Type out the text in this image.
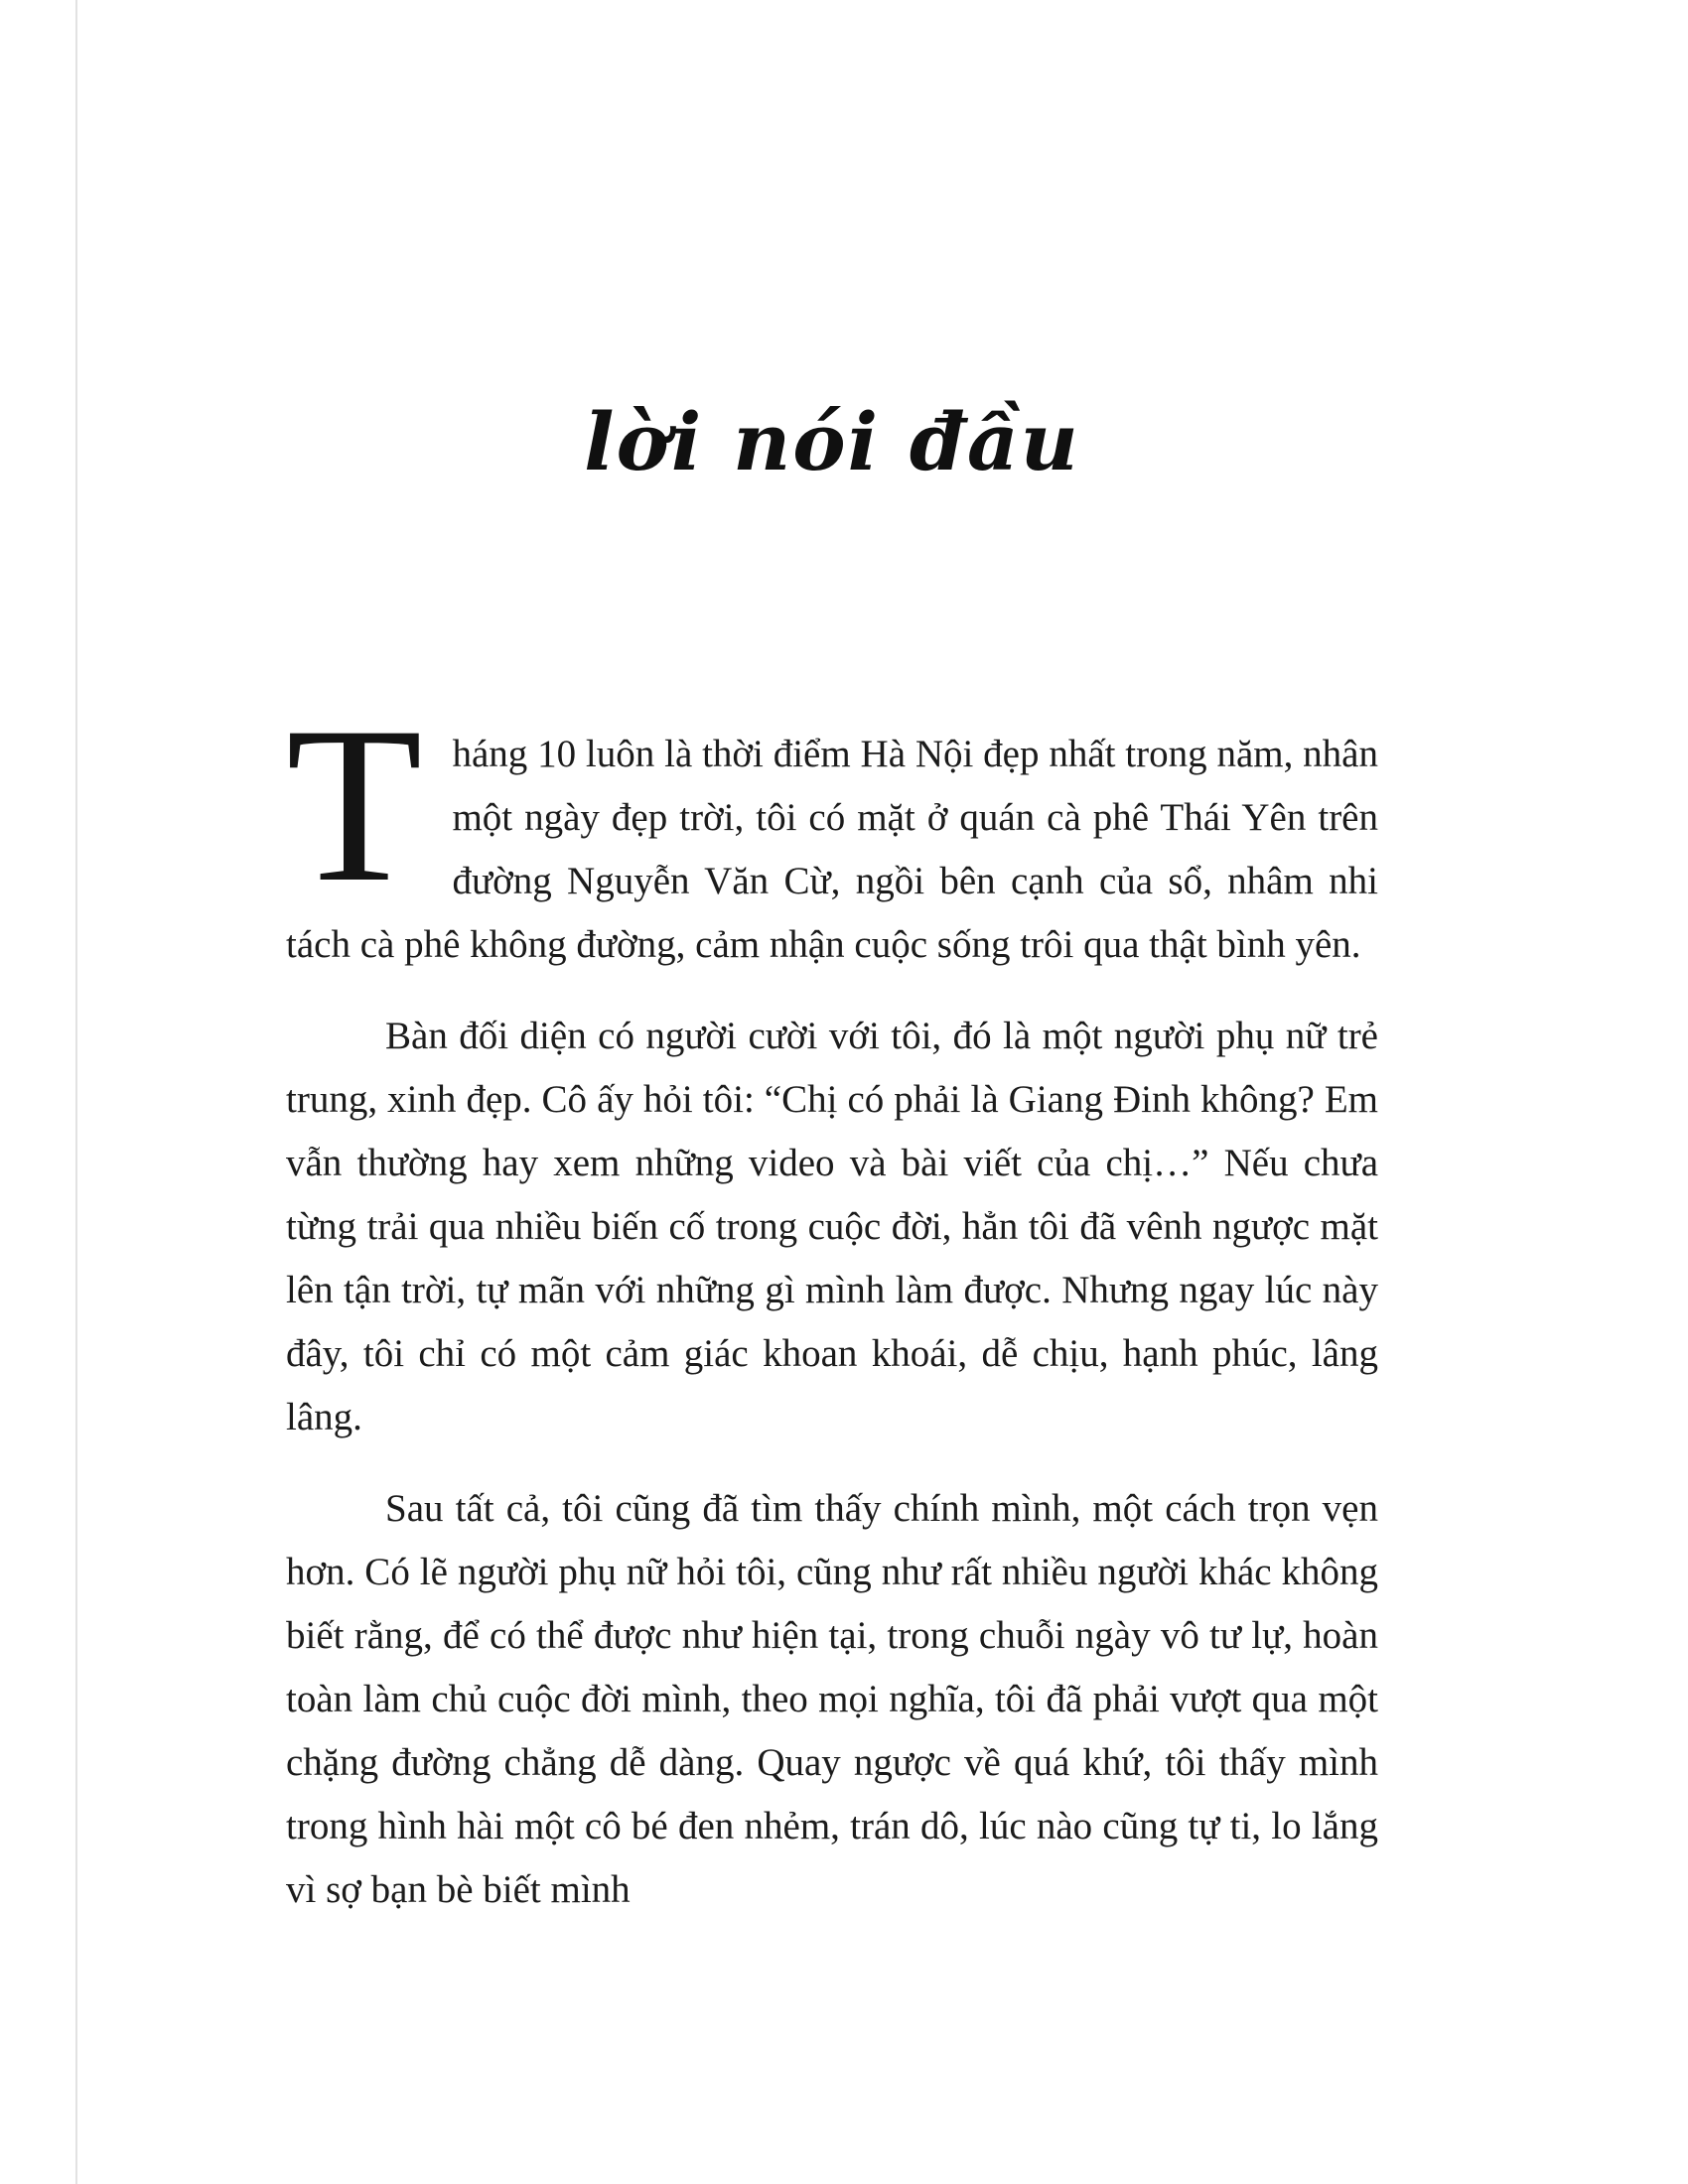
lời nói đầu

Tháng 10 luôn là thời điểm Hà Nội đẹp nhất trong năm, nhân một ngày đẹp trời, tôi có mặt ở quán cà phê Thái Yên trên đường Nguyễn Văn Cừ, ngồi bên cạnh của sổ, nhâm nhi tách cà phê không đường, cảm nhận cuộc sống trôi qua thật bình yên.

Bàn đối diện có người cười với tôi, đó là một người phụ nữ trẻ trung, xinh đẹp. Cô ấy hỏi tôi: “Chị có phải là Giang Đinh không? Em vẫn thường hay xem những video và bài viết của chị…” Nếu chưa từng trải qua nhiều biến cố trong cuộc đời, hẳn tôi đã vênh ngược mặt lên tận trời, tự mãn với những gì mình làm được. Nhưng ngay lúc này đây, tôi chỉ có một cảm giác khoan khoái, dễ chịu, hạnh phúc, lâng lâng.

Sau tất cả, tôi cũng đã tìm thấy chính mình, một cách trọn vẹn hơn. Có lẽ người phụ nữ hỏi tôi, cũng như rất nhiều người khác không biết rằng, để có thể được như hiện tại, trong chuỗi ngày vô tư lự, hoàn toàn làm chủ cuộc đời mình, theo mọi nghĩa, tôi đã phải vượt qua một chặng đường chẳng dễ dàng. Quay ngược về quá khứ, tôi thấy mình trong hình hài một cô bé đen nhẻm, trán dô, lúc nào cũng tự ti, lo lắng vì sợ bạn bè biết mình
